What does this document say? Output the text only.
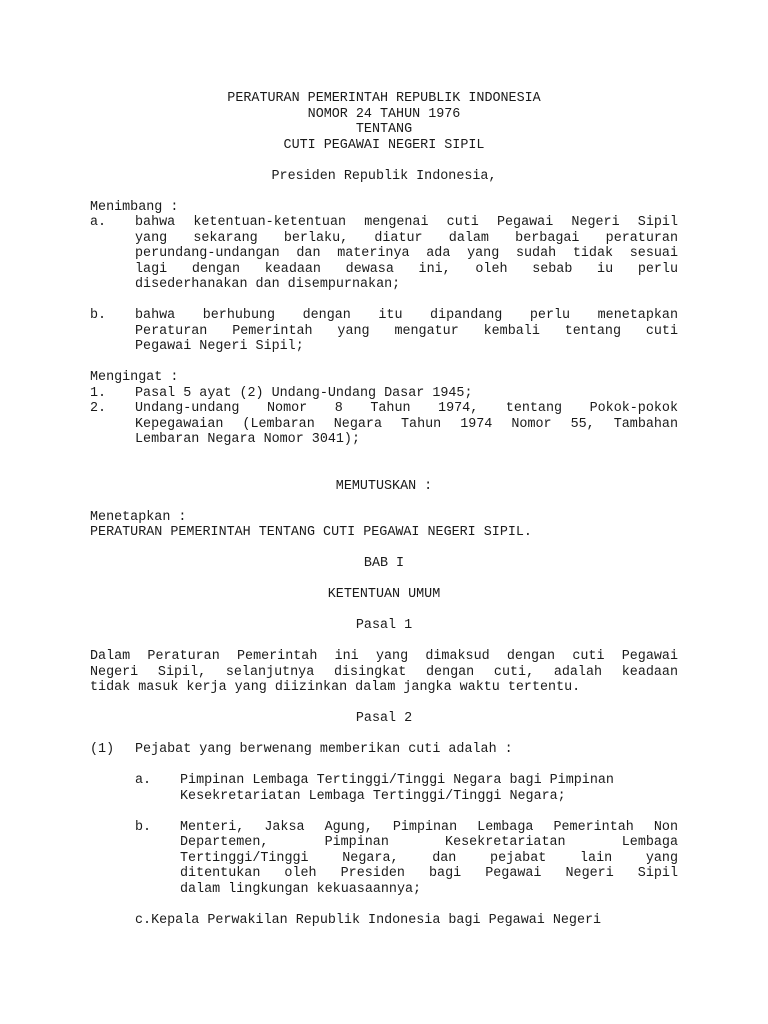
PERATURAN PEMERINTAH REPUBLIK INDONESIA
NOMOR 24 TAHUN 1976
TENTANG
CUTI PEGAWAI NEGERI SIPIL
Presiden Republik Indonesia,
Menimbang :
a. bahwa ketentuan-ketentuan mengenai cuti Pegawai Negeri Sipil
yang sekarang berlaku, diatur dalam berbagai peraturan
perundang-undangan dan materinya ada yang sudah tidak sesuai
lagi dengan keadaan dewasa ini, oleh sebab iu perlu
disederhanakan dan disempurnakan;
b. bahwa berhubung dengan itu dipandang perlu menetapkan
Peraturan Pemerintah yang mengatur kembali tentang cuti
Pegawai Negeri Sipil;
Mengingat :
1. Pasal 5 ayat (2) Undang-Undang Dasar 1945;
2. Undang-undang Nomor 8 Tahun 1974, tentang Pokok-pokok
Kepegawaian (Lembaran Negara Tahun 1974 Nomor 55, Tambahan
Lembaran Negara Nomor 3041);
MEMUTUSKAN :
Menetapkan :
PERATURAN PEMERINTAH TENTANG CUTI PEGAWAI NEGERI SIPIL.
BAB I
KETENTUAN UMUM
Pasal 1
Dalam Peraturan Pemerintah ini yang dimaksud dengan cuti Pegawai
Negeri Sipil, selanjutnya disingkat dengan cuti, adalah keadaan
tidak masuk kerja yang diizinkan dalam jangka waktu tertentu.
Pasal 2
(1) Pejabat yang berwenang memberikan cuti adalah :
a. Pimpinan Lembaga Tertinggi/Tinggi Negara bagi Pimpinan
Kesekretariatan Lembaga Tertinggi/Tinggi Negara;
b. Menteri, Jaksa Agung, Pimpinan Lembaga Pemerintah Non
Departemen, Pimpinan Kesekretariatan Lembaga
Tertinggi/Tinggi Negara, dan pejabat lain yang
ditentukan oleh Presiden bagi Pegawai Negeri Sipil
dalam lingkungan kekuasaannya;
c.Kepala Perwakilan Republik Indonesia bagi Pegawai Negeri
